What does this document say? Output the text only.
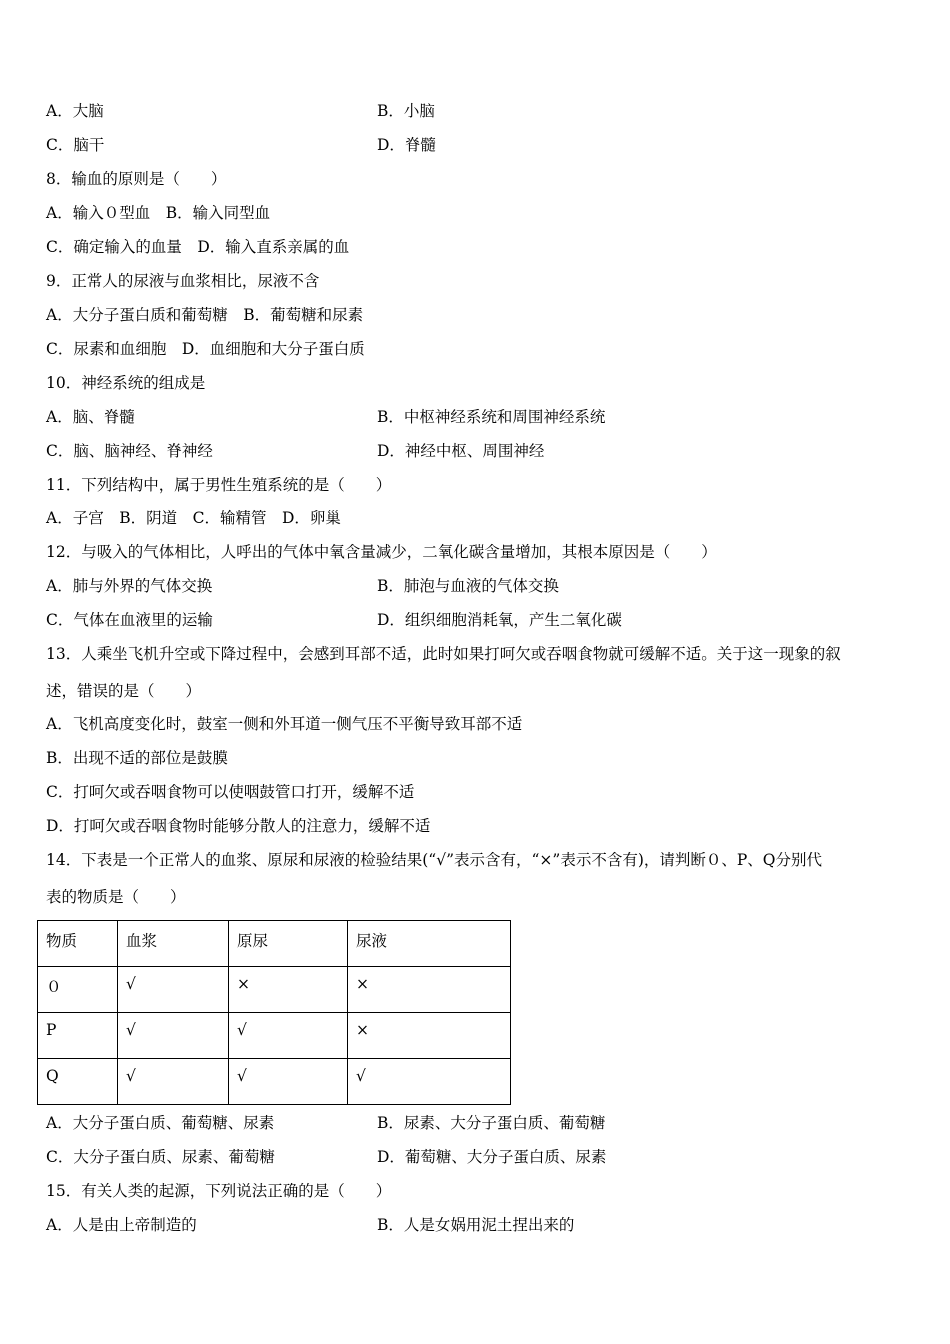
A．大脑	B．小脑
C．脑干	D．脊髓
8．输血的原则是（　　）
A．输入０型血　B．输入同型血
C．确定输入的血量　D．输入直系亲属的血
9．正常人的尿液与血浆相比，尿液不含
A．大分子蛋白质和葡萄糖　B．葡萄糖和尿素
C．尿素和血细胞　D．血细胞和大分子蛋白质
10．神经系统的组成是
A．脑、脊髓	B．中枢神经系统和周围神经系统
C．脑、脑神经、脊神经	D．神经中枢、周围神经
11．下列结构中，属于男性生殖系统的是（　　）
A．子宫　B．阴道　C．输精管　D．卵巢
12．与吸入的气体相比，人呼出的气体中氧含量减少，二氧化碳含量增加，其根本原因是（　　）
A．肺与外界的气体交换	B．肺泡与血液的气体交换
C．气体在血液里的运输	D．组织细胞消耗氧，产生二氧化碳
13．人乘坐飞机升空或下降过程中，会感到耳部不适，此时如果打呵欠或吞咽食物就可缓解不适。关于这一现象的叙
述，错误的是（　　）
A．飞机高度变化时，鼓室一侧和外耳道一侧气压不平衡导致耳部不适
B．出现不适的部位是鼓膜
C．打呵欠或吞咽食物可以使咽鼓管口打开，缓解不适
D．打呵欠或吞咽食物时能够分散人的注意力，缓解不适
14．下表是一个正常人的血浆、原尿和尿液的检验结果(“√”表示含有，“×”表示不含有)，请判断０、P、Q分别代
表的物质是（　　）
物质	血浆	原尿	尿液
０	√	×	×
P	√	√	×
Q	√	√	√
A．大分子蛋白质、葡萄糖、尿素	B．尿素、大分子蛋白质、葡萄糖
C．大分子蛋白质、尿素、葡萄糖	D．葡萄糖、大分子蛋白质、尿素
15．有关人类的起源，下列说法正确的是（　　）
A．人是由上帝制造的	B．人是女娲用泥土捏出来的
